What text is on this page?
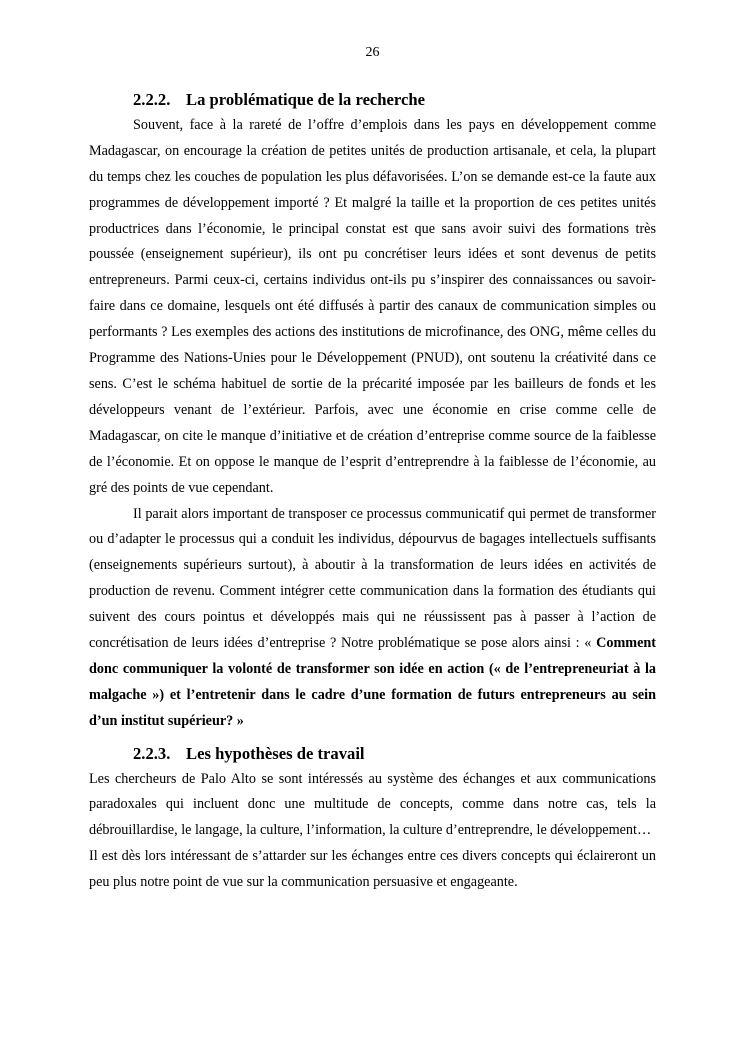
26
2.2.2. La problématique de la recherche

Souvent, face à la rareté de l’offre d’emplois dans les pays en développement comme Madagascar, on encourage la création de petites unités de production artisanale, et cela, la plupart du temps chez les couches de population les plus défavorisées. L’on se demande est-ce la faute aux programmes de développement importé ? Et malgré la taille et la proportion de ces petites unités productrices dans l’économie, le principal constat est que sans avoir suivi des formations très poussée (enseignement supérieur), ils ont pu concrétiser leurs idées et sont devenus de petits entrepreneurs. Parmi ceux-ci, certains individus ont-ils pu s’inspirer des connaissances ou savoir-faire dans ce domaine, lesquels ont été diffusés à partir des canaux de communication simples ou performants ? Les exemples des actions des institutions de microfinance, des ONG, même celles du Programme des Nations-Unies pour le Développement (PNUD), ont soutenu la créativité dans ce sens. C’est le schéma habituel de sortie de la précarité imposée par les bailleurs de fonds et les développeurs venant de l’extérieur. Parfois, avec une économie en crise comme celle de Madagascar, on cite le manque d’initiative et de création d’entreprise comme source de la faiblesse de l’économie. Et on oppose le manque de l’esprit d’entreprendre à la faiblesse de l’économie, au gré des points de vue cependant.

Il parait alors important de transposer ce processus communicatif qui permet de transformer ou d’adapter le processus qui a conduit les individus, dépourvus de bagages intellectuels suffisants (enseignements supérieurs surtout), à aboutir à la transformation de leurs idées en activités de production de revenu. Comment intégrer cette communication dans la formation des étudiants qui suivent des cours pointus et développés mais qui ne réussissent pas à passer à l’action de concrétisation de leurs idées d’entreprise ? Notre problématique se pose alors ainsi : « Comment donc communiquer la volonté de transformer son idée en action (« de l’entrepreneuriat à la malgache ») et l’entretenir dans le cadre d’une formation de futurs entrepreneurs au sein d’un institut supérieur? »

2.2.3. Les hypothèses de travail

Les chercheurs de Palo Alto se sont intéressés au système des échanges et aux communications paradoxales qui incluent donc une multitude de concepts, comme dans notre cas, tels la débrouillardise, le langage, la culture, l’information, la culture d’entreprendre, le développement…

Il est dès lors intéressant de s’attarder sur les échanges entre ces divers concepts qui éclaireront un peu plus notre point de vue sur la communication persuasive et engageante.
